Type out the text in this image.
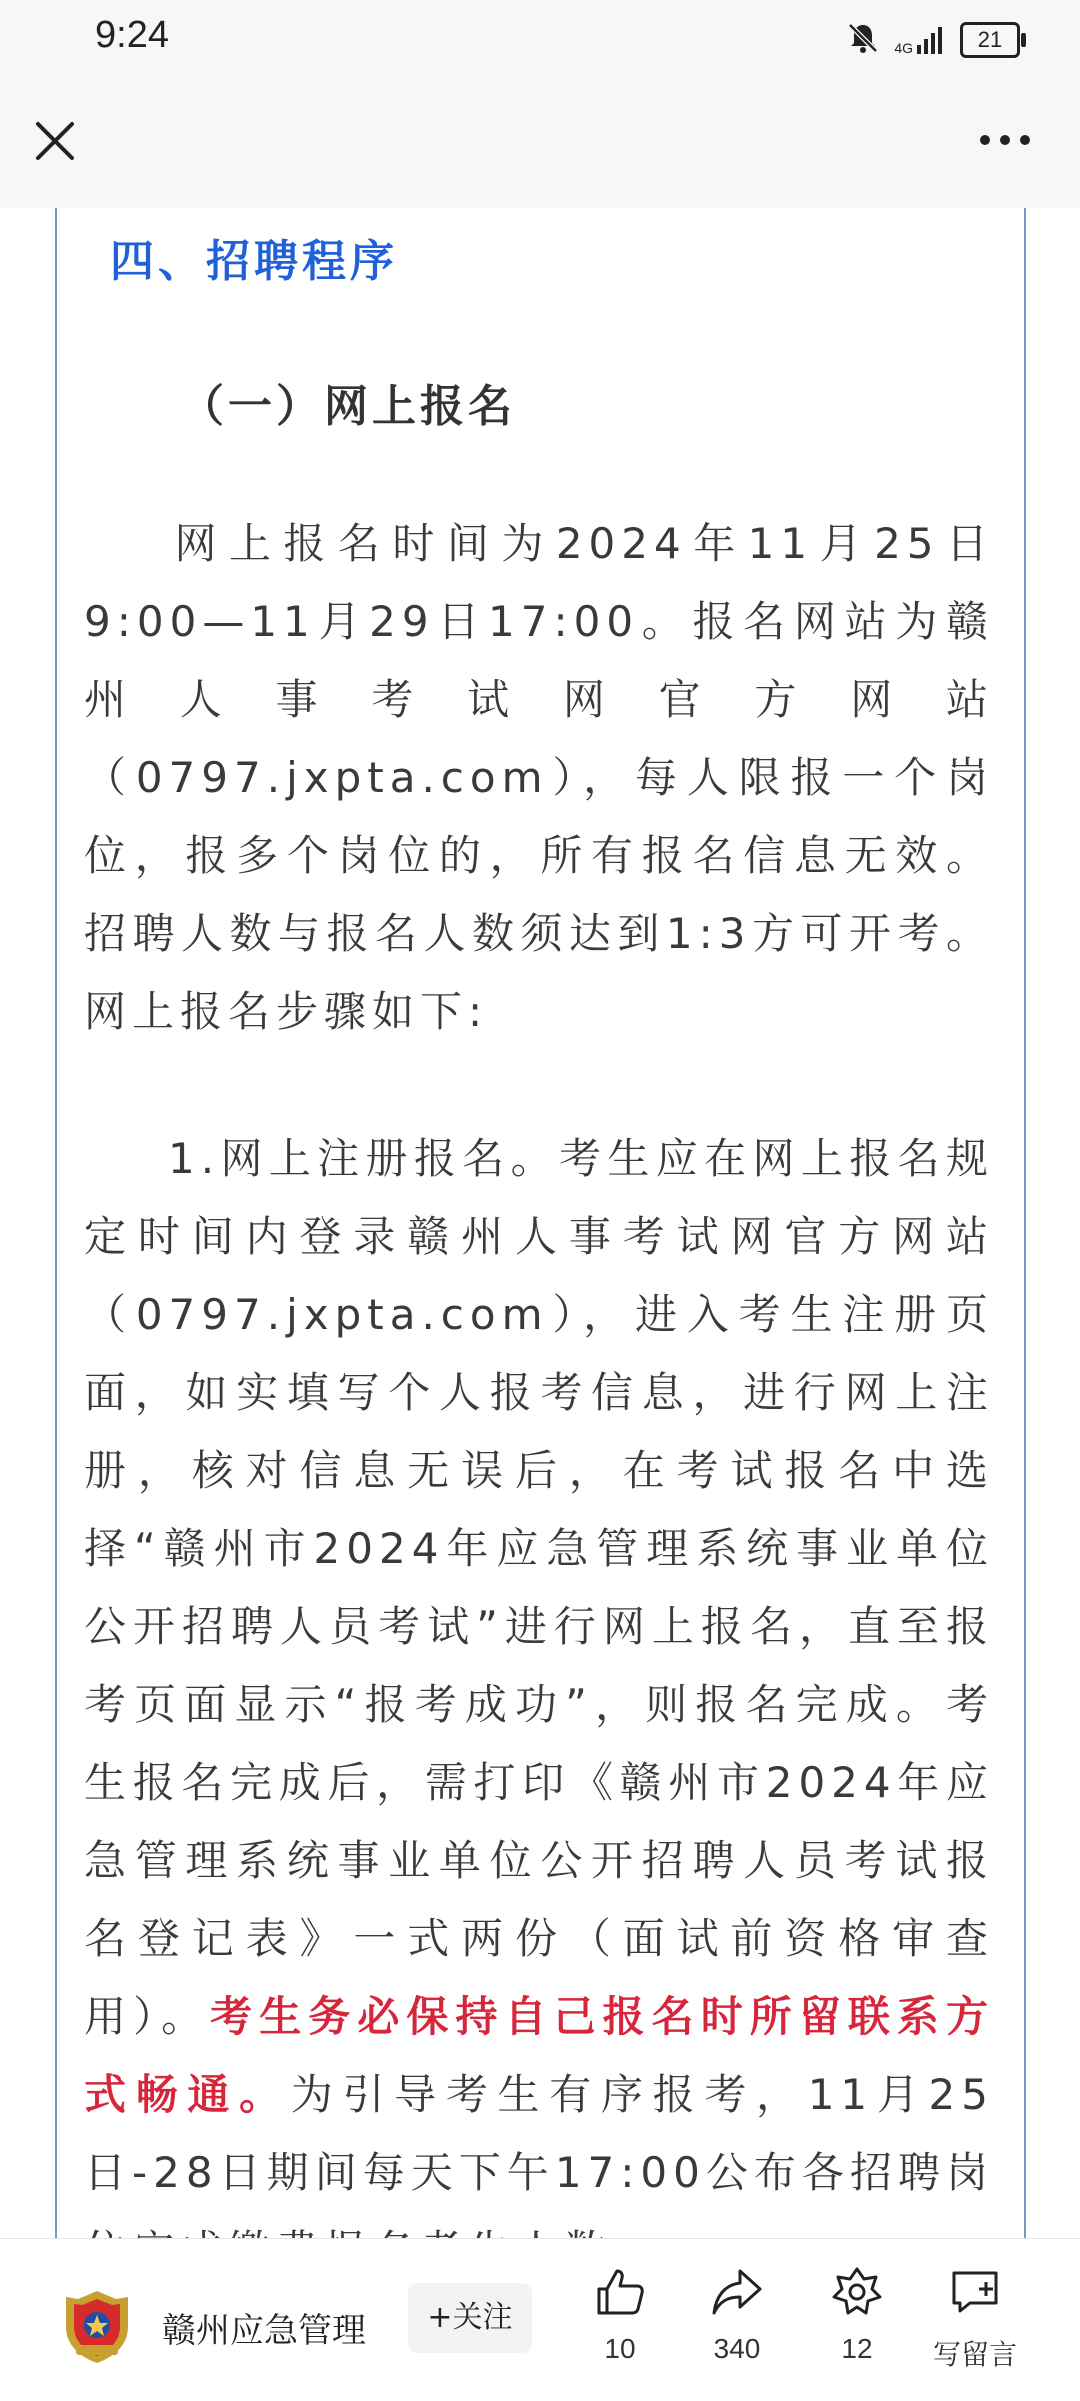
9:24	4G	21
四、招聘程序
（一）网上报名

网上报名时间为2024年11月25日9:00—11月29日17:00。报名网站为赣州人事考试网官方网站（0797.jxpta.com），每人限报一个岗位，报多个岗位的，所有报名信息无效。招聘人数与报名人数须达到1:3方可开考。网上报名步骤如下:

1.网上注册报名。考生应在网上报名规定时间内登录赣州人事考试网官方网站（0797.jxpta.com），进入考生注册页面，如实填写个人报考信息，进行网上注册，核对信息无误后，在考试报名中选择“赣州市2024年应急管理系统事业单位公开招聘人员考试”进行网上报名，直至报考页面显示“报考成功”，则报名完成。考生报名完成后，需打印《赣州市2024年应急管理系统事业单位公开招聘人员考试报名登记表》一式两份（面试前资格审查用）。考生务必保持自己报名时所留联系方式畅通。为引导考生有序报考，11月25日-28日期间每天下午17:00公布各招聘岗

赣州应急管理	+关注
10	340	12	写留言
